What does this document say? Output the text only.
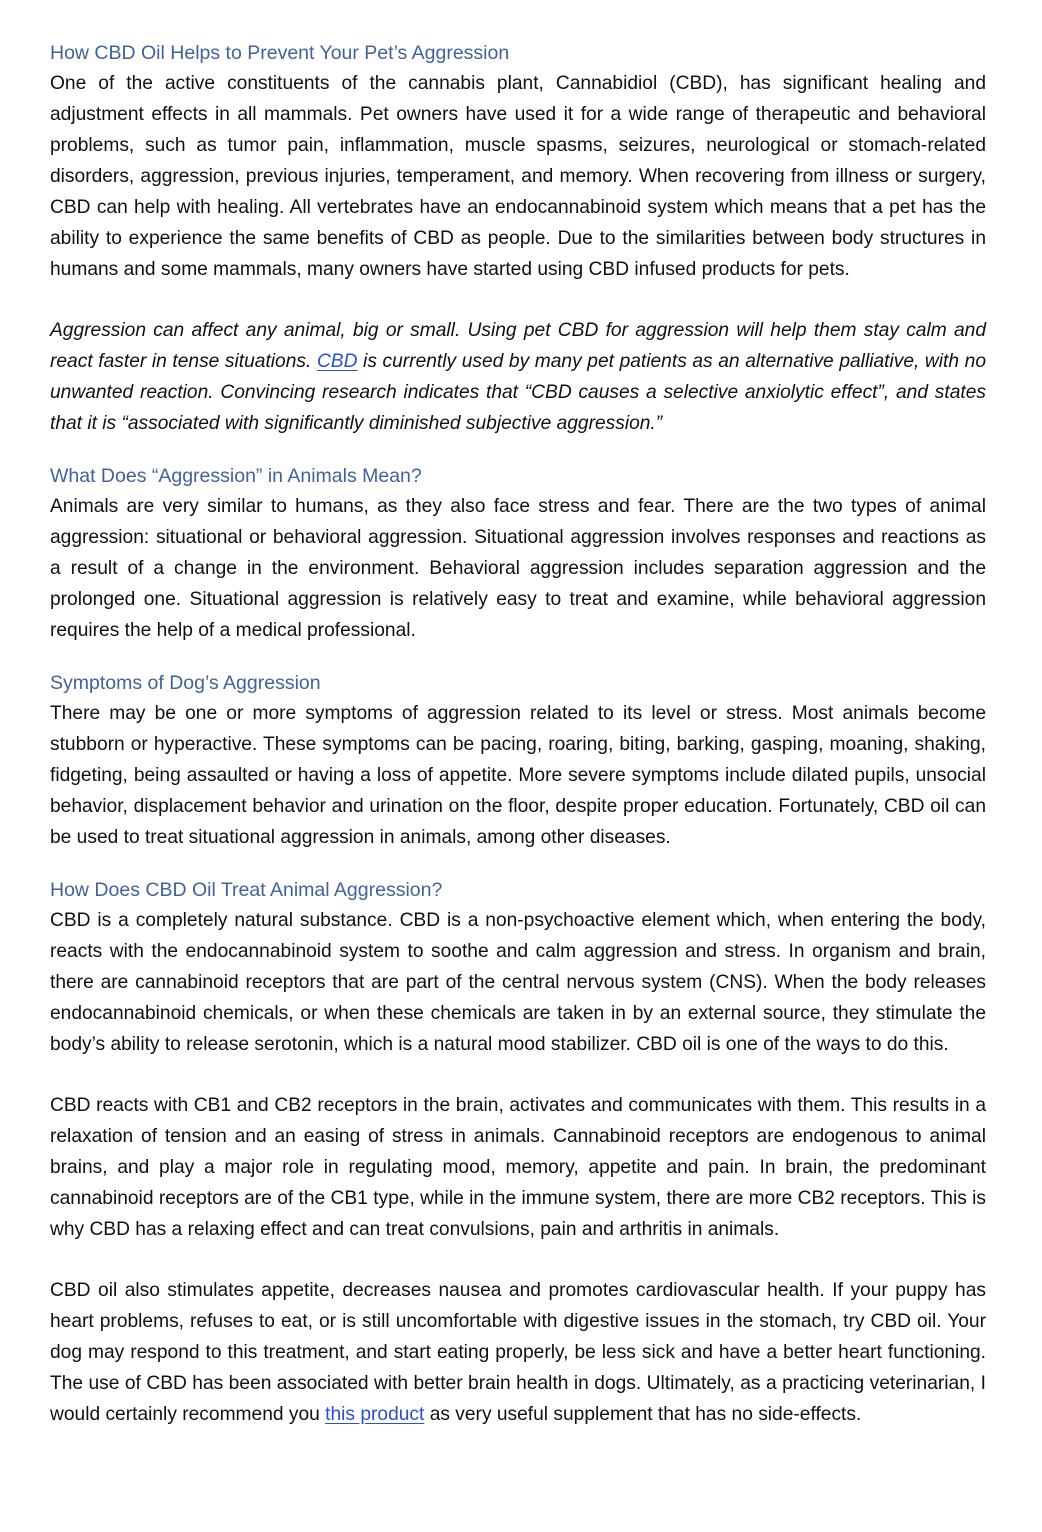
How CBD Oil Helps to Prevent Your Pet’s Aggression

One of the active constituents of the cannabis plant, Cannabidiol (CBD), has significant healing and adjustment effects in all mammals. Pet owners have used it for a wide range of therapeutic and behavioral problems, such as tumor pain, inflammation, muscle spasms, seizures, neurological or stomach-related disorders, aggression, previous injuries, temperament, and memory. When recovering from illness or surgery, CBD can help with healing. All vertebrates have an endocannabinoid system which means that a pet has the ability to experience the same benefits of CBD as people. Due to the similarities between body structures in humans and some mammals, many owners have started using CBD infused products for pets.

Aggression can affect any animal, big or small. Using pet CBD for aggression will help them stay calm and react faster in tense situations. CBD is currently used by many pet patients as an alternative palliative, with no unwanted reaction. Convincing research indicates that “CBD causes a selective anxiolytic effect”, and states that it is “associated with significantly diminished subjective aggression.”

What Does “Aggression” in Animals Mean?

Animals are very similar to humans, as they also face stress and fear. There are the two types of animal aggression: situational or behavioral aggression. Situational aggression involves responses and reactions as a result of a change in the environment. Behavioral aggression includes separation aggression and the prolonged one. Situational aggression is relatively easy to treat and examine, while behavioral aggression requires the help of a medical professional.

Symptoms of Dog’s Aggression

There may be one or more symptoms of aggression related to its level or stress. Most animals become stubborn or hyperactive. These symptoms can be pacing, roaring, biting, barking, gasping, moaning, shaking, fidgeting, being assaulted or having a loss of appetite. More severe symptoms include dilated pupils, unsocial behavior, displacement behavior and urination on the floor, despite proper education. Fortunately, CBD oil can be used to treat situational aggression in animals, among other diseases.

How Does CBD Oil Treat Animal Aggression?

CBD is a completely natural substance. CBD is a non-psychoactive element which, when entering the body, reacts with the endocannabinoid system to soothe and calm aggression and stress. In organism and brain, there are cannabinoid receptors that are part of the central nervous system (CNS). When the body releases endocannabinoid chemicals, or when these chemicals are taken in by an external source, they stimulate the body’s ability to release serotonin, which is a natural mood stabilizer. CBD oil is one of the ways to do this.

CBD reacts with CB1 and CB2 receptors in the brain, activates and communicates with them. This results in a relaxation of tension and an easing of stress in animals. Cannabinoid receptors are endogenous to animal brains, and play a major role in regulating mood, memory, appetite and pain. In brain, the predominant cannabinoid receptors are of the CB1 type, while in the immune system, there are more CB2 receptors. This is why CBD has a relaxing effect and can treat convulsions, pain and arthritis in animals.

CBD oil also stimulates appetite, decreases nausea and promotes cardiovascular health. If your puppy has heart problems, refuses to eat, or is still uncomfortable with digestive issues in the stomach, try CBD oil. Your dog may respond to this treatment, and start eating properly, be less sick and have a better heart functioning. The use of CBD has been associated with better brain health in dogs. Ultimately, as a practicing veterinarian, I would certainly recommend you this product as very useful supplement that has no side-effects.
